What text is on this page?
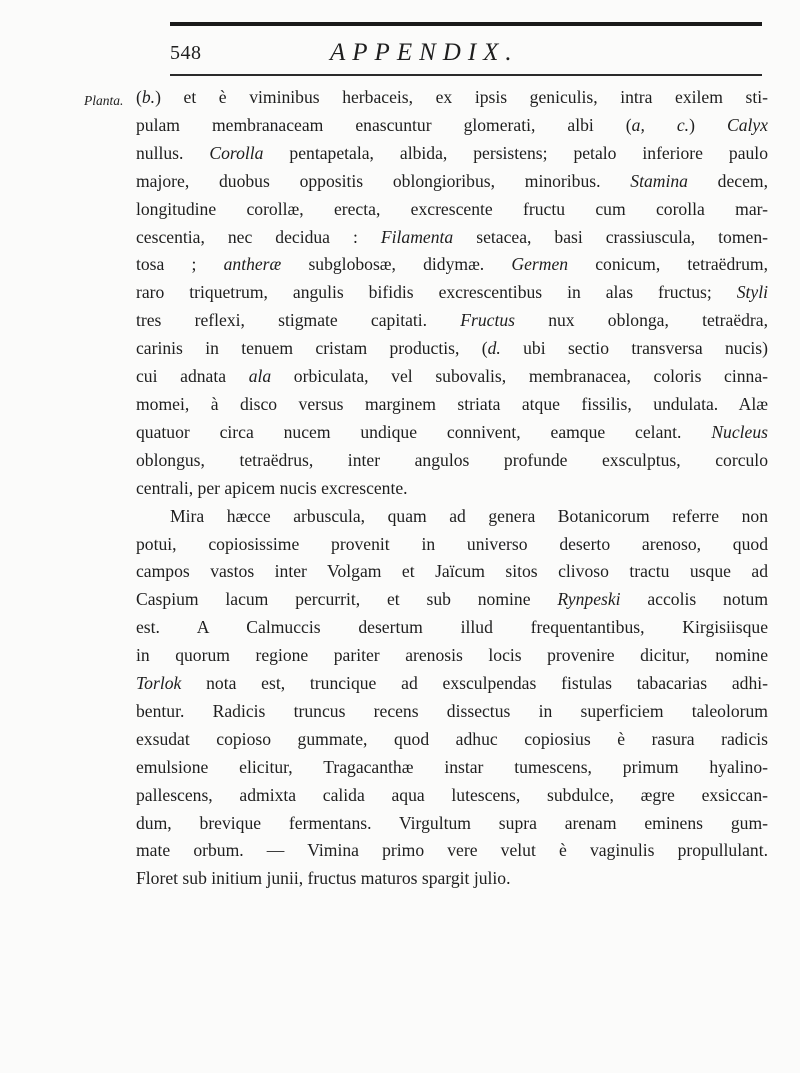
548	APPENDIX.
Planta. (b.) et è viminibus herbaceis, ex ipsis geniculis, intra exilem sti-

pulam membranaceam enascuntur glomerati, albi (a, c.) Calyx

nullus. Corolla pentapetala, albida, persistens; petalo inferiore paulo

majore, duobus oppositis oblongioribus, minoribus. Stamina decem,

longitudine corollæ, erecta, excrescente fructu cum corolla mar-

cescentia, nec decidua : Filamenta setacea, basi crassiuscula, tomen-

tosa ; antheræ subglobosæ, didymæ. Germen conicum, tetraëdrum,

raro triquetrum, angulis bifidis excrescentibus in alas fructus; Styli

tres reflexi, stigmate capitati. Fructus nux oblonga, tetraëdra,

carinis in tenuem cristam productis, (d. ubi sectio transversa nucis)

cui adnata ala orbiculata, vel subovalis, membranacea, coloris cinna-

momei, à disco versus marginem striata atque fissilis, undulata. Alæ

quatuor circa nucem undique connivent, eamque celant. Nucleus

oblongus, tetraëdrus, inter angulos profunde exsculptus, corculo

centrali, per apicem nucis excrescente.

Mira hæcce arbuscula, quam ad genera Botanicorum referre non

potui, copiosissime provenit in universo deserto arenoso, quod

campos vastos inter Volgam et Jaïcum sitos clivoso tractu usque ad

Caspium lacum percurrit, et sub nomine Rynpeski accolis notum

est. A Calmuccis desertum illud frequentantibus, Kirgisiisque

in quorum regione pariter arenosis locis provenire dicitur, nomine

Torlok nota est, truncique ad exsculpendas fistulas tabacarias adhi-

bentur. Radicis truncus recens dissectus in superficiem taleolorum

exsudat copioso gummate, quod adhuc copiosius è rasura radicis

emulsione elicitur, Tragacanthæ instar tumescens, primum hyalino-

pallescens, admixta calida aqua lutescens, subdulce, ægre exsiccan-

dum, brevique fermentans. Virgultum supra arenam eminens gum-

mate orbum. — Vimina primo vere velut è vaginulis propullulant.

Floret sub initium junii, fructus maturos spargit julio.
